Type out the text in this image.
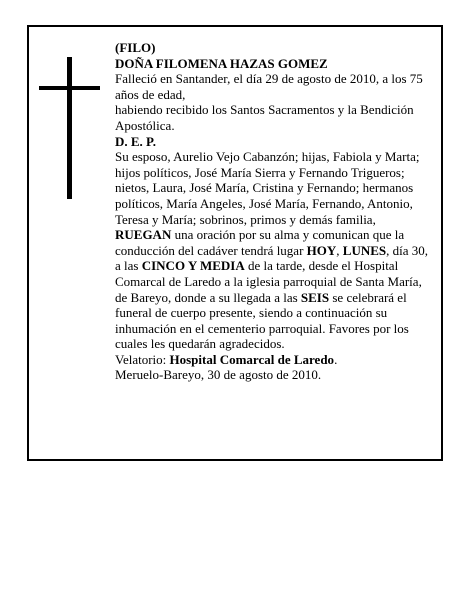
(FILO)

DOÑA FILOMENA HAZAS GOMEZ

Falleció en Santander, el día 29 de agosto de 2010, a los 75 años de edad,

habiendo recibido los Santos Sacramentos y la Bendición Apostólica.

D. E. P.

Su esposo, Aurelio Vejo Cabanzón; hijas, Fabiola y Marta; hijos políticos, José María Sierra y Fernando Trigueros; nietos, Laura, José María, Cristina y Fernando; hermanos políticos, María Angeles, José María, Fernando, Antonio, Teresa y María; sobrinos, primos y demás familia,

RUEGAN una oración por su alma y comunican que la conducción del cadáver tendrá lugar HOY, LUNES, día 30, a las CINCO Y MEDIA de la tarde, desde el Hospital Comarcal de Laredo a la iglesia parroquial de Santa María, de Bareyo, donde a su llegada a las SEIS se celebrará el funeral de cuerpo presente, siendo a continuación su inhumación en el cementerio parroquial. Favores por los cuales les quedarán agradecidos.

Velatorio: Hospital Comarcal de Laredo.

Meruelo-Bareyo, 30 de agosto de 2010.
